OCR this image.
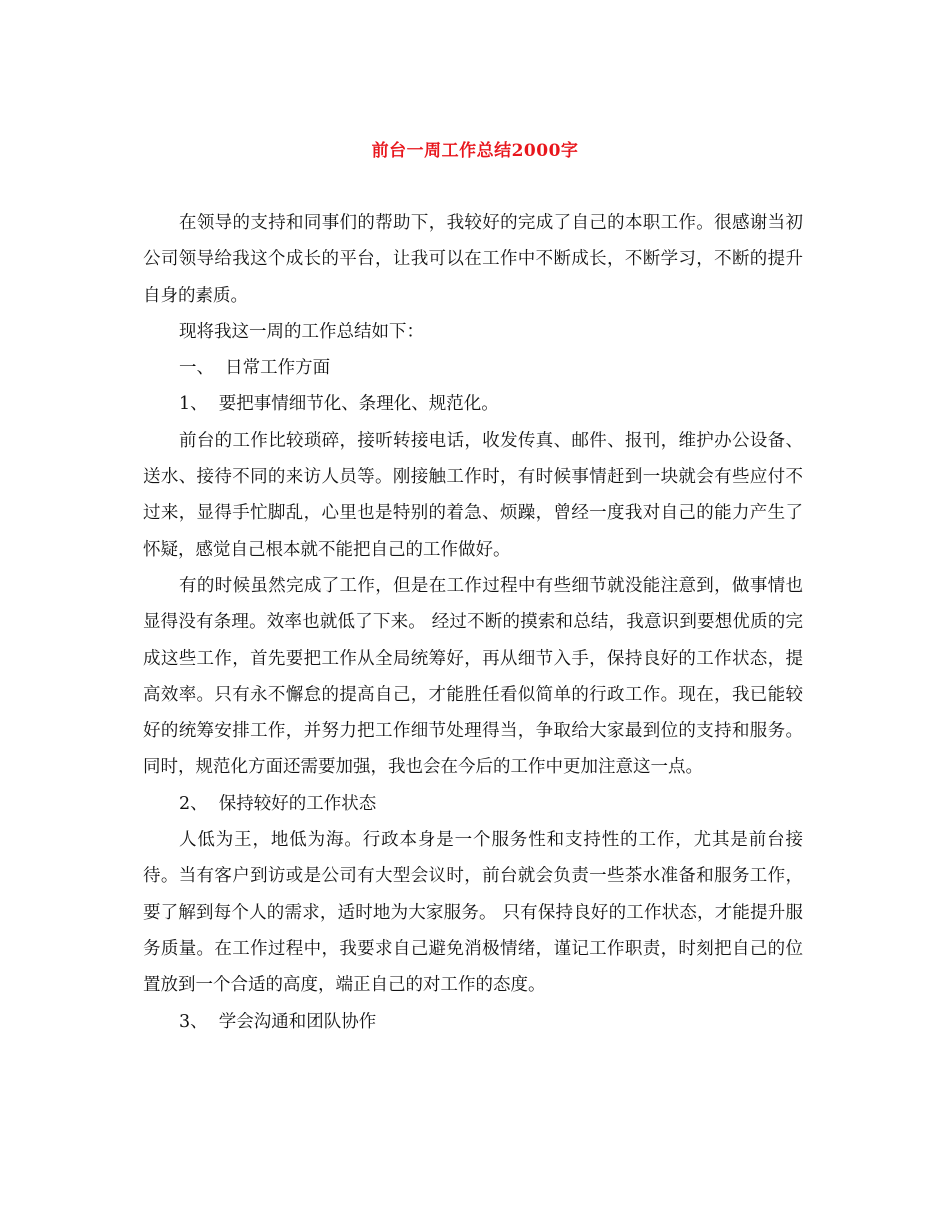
前台一周工作总结2000字

在领导的支持和同事们的帮助下，我较好的完成了自己的本职工作。很感谢当初公司领导给我这个成长的平台，让我可以在工作中不断成长，不断学习，不断的提升自身的素质。

现将我这一周的工作总结如下：

一、  日常工作方面

1、  要把事情细节化、条理化、规范化。

前台的工作比较琐碎，接听转接电话，收发传真、邮件、报刊，维护办公设备、送水、接待不同的来访人员等。刚接触工作时，有时候事情赶到一块就会有些应付不过来，显得手忙脚乱，心里也是特别的着急、烦躁，曾经一度我对自己的能力产生了怀疑，感觉自己根本就不能把自己的工作做好。

有的时候虽然完成了工作，但是在工作过程中有些细节就没能注意到，做事情也显得没有条理。效率也就低了下来。 经过不断的摸索和总结，我意识到要想优质的完成这些工作，首先要把工作从全局统筹好，再从细节入手，保持良好的工作状态，提高效率。只有永不懈怠的提高自己，才能胜任看似简单的行政工作。现在，我已能较好的统筹安排工作，并努力把工作细节处理得当，争取给大家最到位的支持和服务。同时，规范化方面还需要加强，我也会在今后的工作中更加注意这一点。

2、  保持较好的工作状态

人低为王，地低为海。行政本身是一个服务性和支持性的工作，尤其是前台接待。当有客户到访或是公司有大型会议时，前台就会负责一些茶水准备和服务工作，要了解到每个人的需求，适时地为大家服务。 只有保持良好的工作状态，才能提升服务质量。在工作过程中，我要求自己避免消极情绪，谨记工作职责，时刻把自己的位置放到一个合适的高度，端正自己的对工作的态度。

3、  学会沟通和团队协作
